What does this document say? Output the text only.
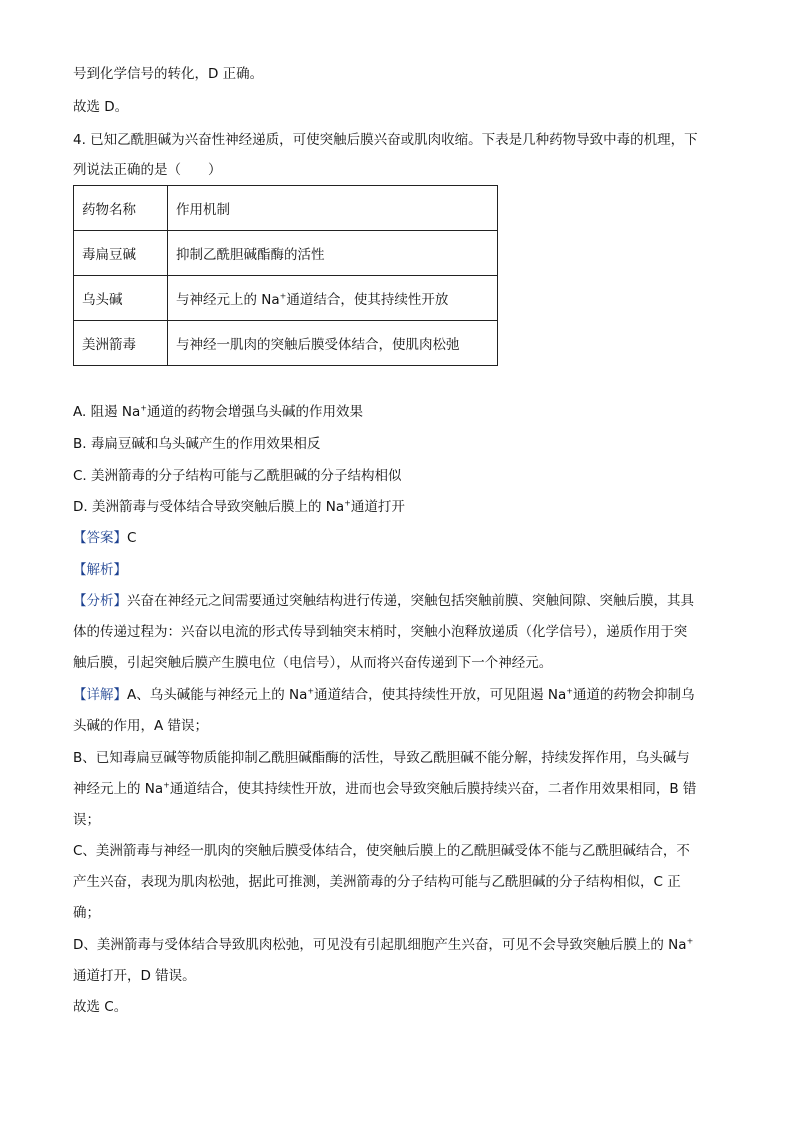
号到化学信号的转化，D 正确。
故选 D。
4. 已知乙酰胆碱为兴奋性神经递质，可使突触后膜兴奋或肌肉收缩。下表是几种药物导致中毒的机理，下
列说法正确的是（　　）
药物名称	作用机制
毒扁豆碱	抑制乙酰胆碱酯酶的活性
乌头碱	与神经元上的 Na+通道结合，使其持续性开放
美洲箭毒	与神经一肌肉的突触后膜受体结合，使肌肉松弛
A. 阻遏 Na+通道的药物会增强乌头碱的作用效果
B. 毒扁豆碱和乌头碱产生的作用效果相反
C. 美洲箭毒的分子结构可能与乙酰胆碱的分子结构相似
D. 美洲箭毒与受体结合导致突触后膜上的 Na+通道打开
【答案】C
【解析】
【分析】兴奋在神经元之间需要通过突触结构进行传递，突触包括突触前膜、突触间隙、突触后膜，其具
体的传递过程为：兴奋以电流的形式传导到轴突末梢时，突触小泡释放递质（化学信号），递质作用于突
触后膜，引起突触后膜产生膜电位（电信号），从而将兴奋传递到下一个神经元。
【详解】A、乌头碱能与神经元上的 Na+通道结合，使其持续性开放，可见阻遏 Na+通道的药物会抑制乌
头碱的作用，A 错误；
B、已知毒扁豆碱等物质能抑制乙酰胆碱酯酶的活性，导致乙酰胆碱不能分解，持续发挥作用，乌头碱与
神经元上的 Na+通道结合，使其持续性开放，进而也会导致突触后膜持续兴奋，二者作用效果相同，B 错
误；
C、美洲箭毒与神经一肌肉的突触后膜受体结合，使突触后膜上的乙酰胆碱受体不能与乙酰胆碱结合，不
产生兴奋，表现为肌肉松弛，据此可推测，美洲箭毒的分子结构可能与乙酰胆碱的分子结构相似，C 正
确；
D、美洲箭毒与受体结合导致肌肉松弛，可见没有引起肌细胞产生兴奋，可见不会导致突触后膜上的 Na+
通道打开，D 错误。
故选 C。
